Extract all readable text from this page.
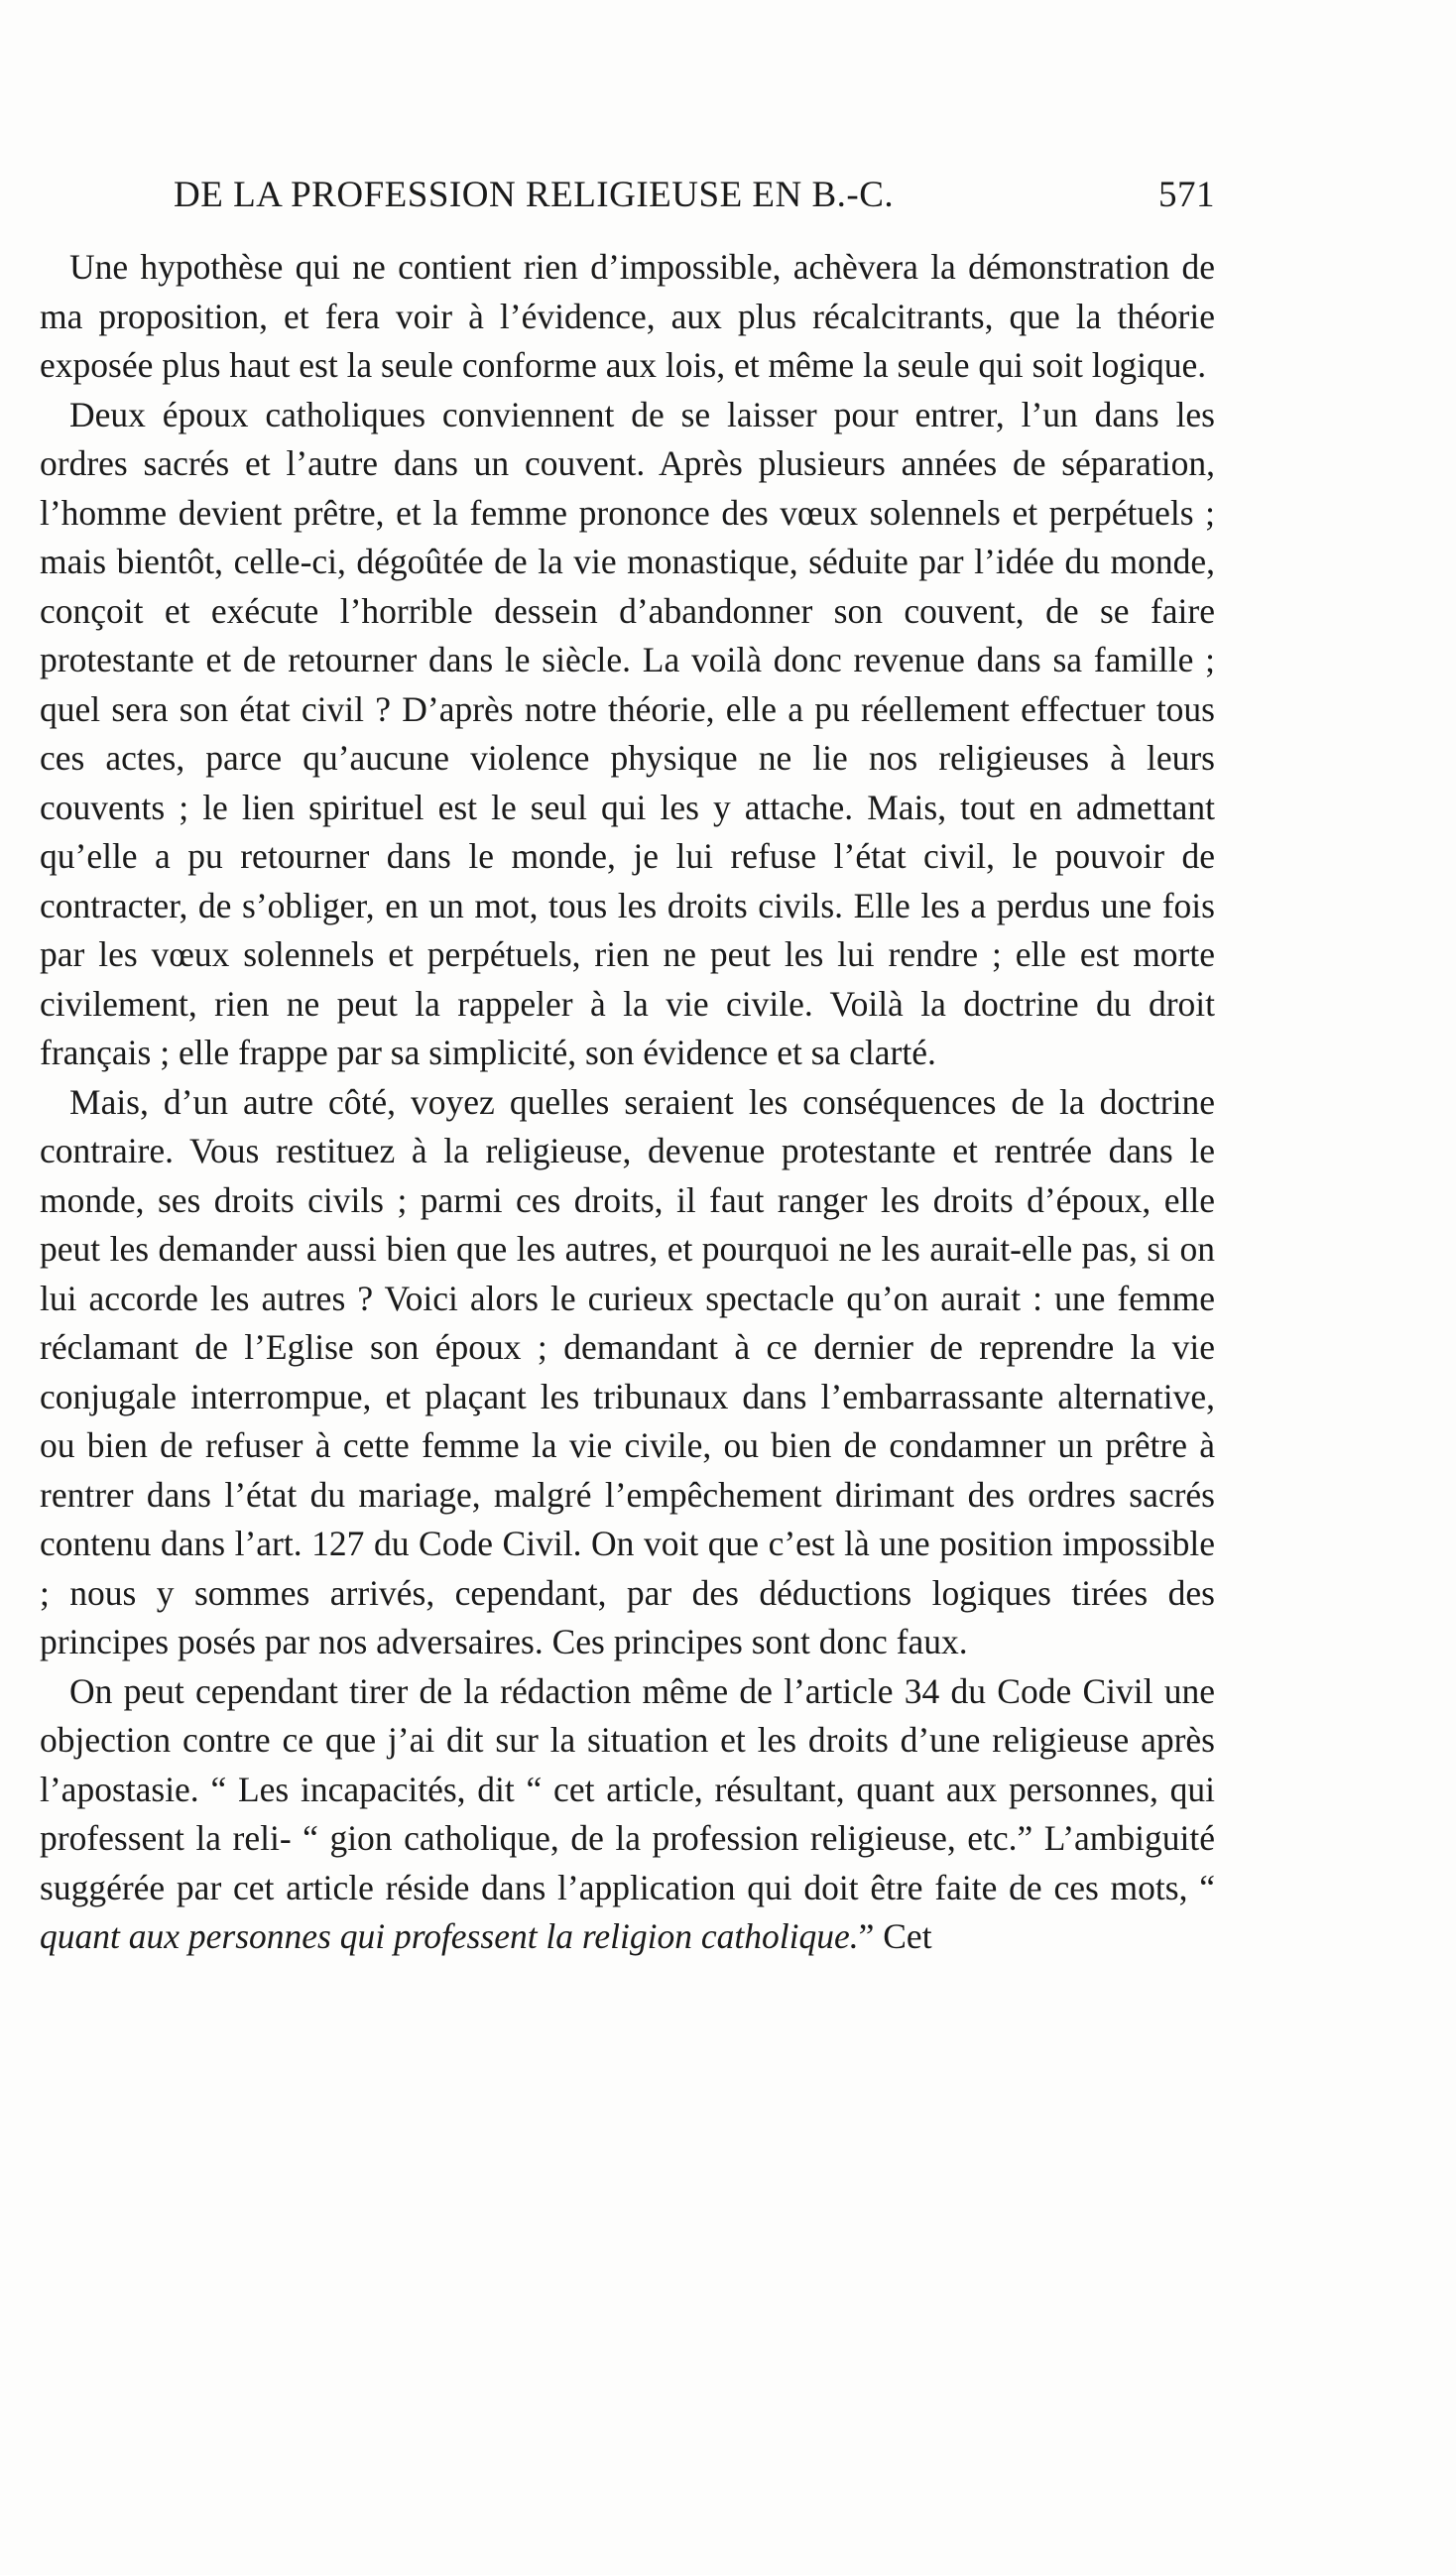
DE LA PROFESSION RELIGIEUSE EN B.-C.	571

Une hypothèse qui ne contient rien d’impossible, achèvera la démonstration de ma proposition, et fera voir à l’évidence, aux plus récalcitrants, que la théorie exposée plus haut est la seule conforme aux lois, et même la seule qui soit logique.

Deux époux catholiques conviennent de se laisser pour entrer, l’un dans les ordres sacrés et l’autre dans un couvent. Après plusieurs années de séparation, l’homme devient prêtre, et la femme prononce des vœux solennels et perpétuels ; mais bientôt, celle-ci, dégoûtée de la vie monastique, séduite par l’idée du monde, conçoit et exécute l’horrible dessein d’abandonner son couvent, de se faire protestante et de retourner dans le siècle. La voilà donc revenue dans sa famille ; quel sera son état civil ? D’après notre théorie, elle a pu réellement effectuer tous ces actes, parce qu’aucune violence physique ne lie nos religieuses à leurs couvents ; le lien spirituel est le seul qui les y attache. Mais, tout en admettant qu’elle a pu retourner dans le monde, je lui refuse l’état civil, le pouvoir de contracter, de s’obliger, en un mot, tous les droits civils. Elle les a perdus une fois par les vœux solennels et perpétuels, rien ne peut les lui rendre ; elle est morte civilement, rien ne peut la rappeler à la vie civile. Voilà la doctrine du droit français ; elle frappe par sa simplicité, son évidence et sa clarté.

Mais, d’un autre côté, voyez quelles seraient les conséquences de la doctrine contraire. Vous restituez à la religieuse, devenue protestante et rentrée dans le monde, ses droits civils ; parmi ces droits, il faut ranger les droits d’époux, elle peut les demander aussi bien que les autres, et pourquoi ne les aurait-elle pas, si on lui accorde les autres ? Voici alors le curieux spectacle qu’on aurait : une femme réclamant de l’Eglise son époux ; demandant à ce dernier de reprendre la vie conjugale interrompue, et plaçant les tribunaux dans l’embarrassante alternative, ou bien de refuser à cette femme la vie civile, ou bien de condamner un prêtre à rentrer dans l’état du mariage, malgré l’empêchement dirimant des ordres sacrés contenu dans l’art. 127 du Code Civil. On voit que c’est là une position impossible ; nous y sommes arrivés, cependant, par des déductions logiques tirées des principes posés par nos adversaires. Ces principes sont donc faux.

On peut cependant tirer de la rédaction même de l’article 34 du Code Civil une objection contre ce que j’ai dit sur la situation et les droits d’une religieuse après l’apostasie. “ Les incapacités, dit “ cet article, résultant, quant aux personnes, qui professent la reli- “ gion catholique, de la profession religieuse, etc.” L’ambiguité suggérée par cet article réside dans l’application qui doit être faite de ces mots, “ quant aux personnes qui professent la religion catholique.” Cet
